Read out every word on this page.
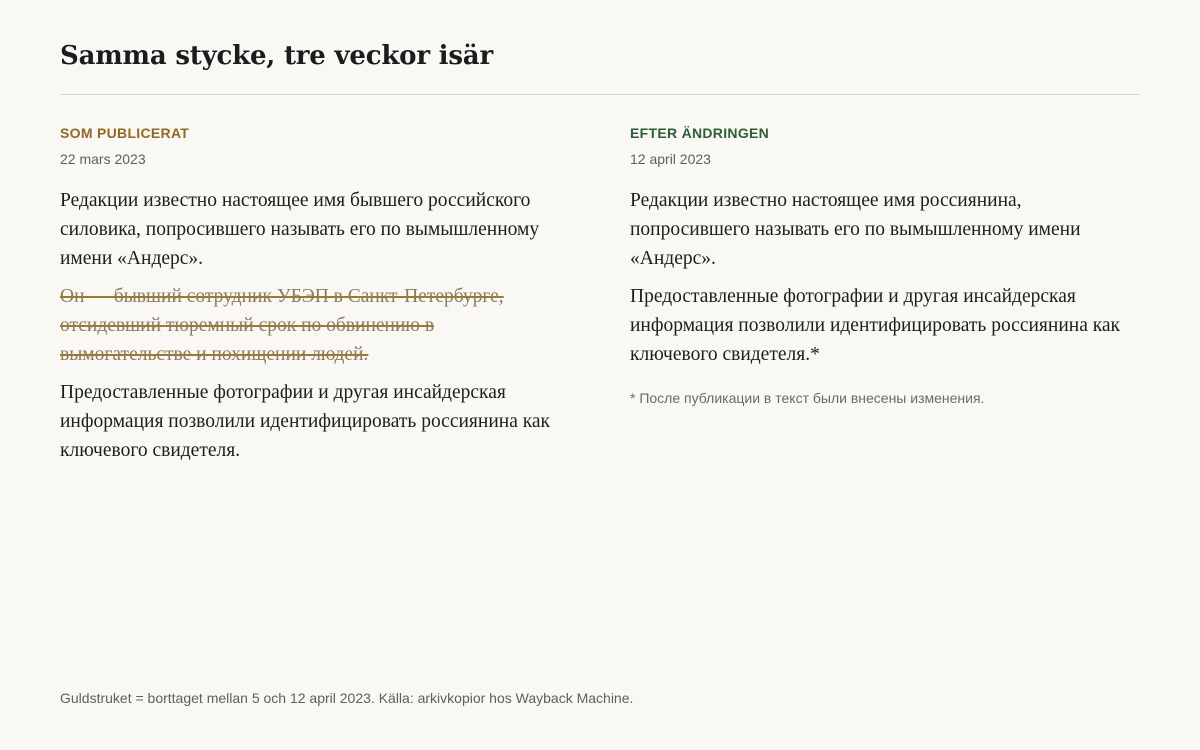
Samma stycke, tre veckor isär
SOM PUBLICERAT
22 mars 2023

Редакции известно настоящее имя бывшего российского силовика, попросившего называть его по вымышленному имени «Андерс».

Он — бывший сотрудник УБЭП в Санкт-Петербурге, отсидевший тюремный срок по обвинению в вымогательстве и похищении людей.

Предоставленные фотографии и другая инсайдерская информация позволили идентифицировать россиянина как ключевого свидетеля.

EFTER ÄNDRINGEN
12 april 2023

Редакции известно настоящее имя россиянина, попросившего называть его по вымышленному имени «Андерс».

Предоставленные фотографии и другая инсайдерская информация позволили идентифицировать россиянина как ключевого свидетеля.*

* После публикации в текст были внесены изменения.
Guldstruket = borttaget mellan 5 och 12 april 2023. Källa: arkivkopior hos Wayback Machine.
